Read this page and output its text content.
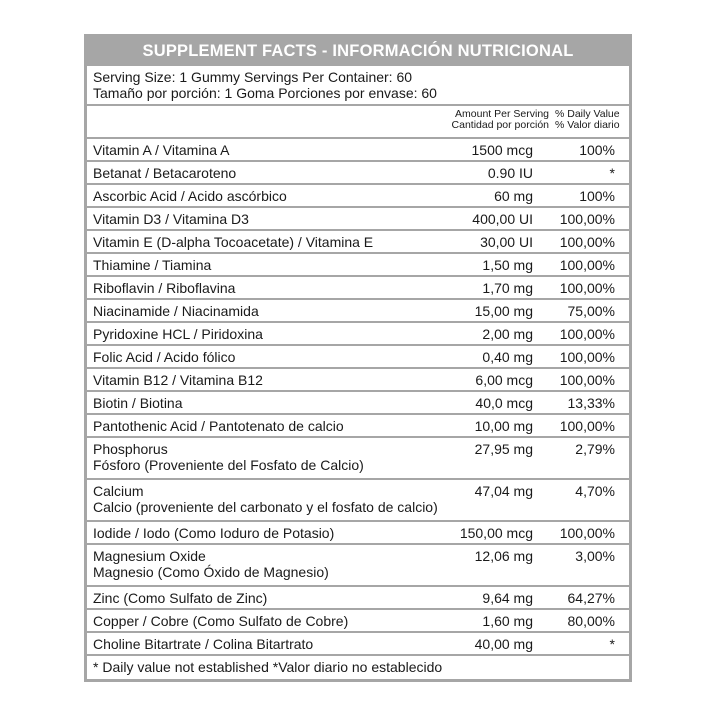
SUPPLEMENT FACTS - INFORMACIÓN NUTRICIONAL
Serving Size: 1 Gummy Servings Per Container: 60
Tamaño por porción: 1 Goma Porciones por envase: 60
Amount Per Serving
Cantidad por porción
% Daily Value
% Valor diario
Vitamin A / Vitamina A	1500 mcg	100%
Betanat / Betacaroteno	0.90 IU	*
Ascorbic Acid / Acido ascórbico	60 mg	100%
Vitamin D3 / Vitamina D3	400,00 UI 100,00%
Vitamin E (D-alpha Tocoacetate) / Vitamina E	30,00 UI 100,00%
Thiamine / Tiamina	1,50 mg 100,00%
Riboflavin / Riboflavina	1,70 mg 100,00%
Niacinamide / Niacinamida	15,00 mg 75,00%
Pyridoxine HCL / Piridoxina	2,00 mg 100,00%
Folic Acid / Acido fólico	0,40 mg 100,00%
Vitamin B12 / Vitamina B12	6,00 mcg 100,00%
Biotin / Biotina	40,0 mcg 13,33%
Pantothenic Acid / Pantotenato de calcio	10,00 mg 100,00%
Phosphorus
Fósforo (Proveniente del Fosfato de Calcio)
27,95 mg	2,79%
Calcium
Calcio (proveniente del carbonato y el fosfato de calcio)
47,04 mg	4,70%
Iodide / Iodo (Como Ioduro de Potasio)	150,00 mcg 100,00%
Magnesium Oxide
Magnesio (Como Óxido de Magnesio)
12,06 mg	3,00%
Zinc (Como Sulfato de Zinc)	9,64 mg 64,27%
Copper / Cobre (Como Sulfato de Cobre)	1,60 mg 80,00%
Choline Bitartrate / Colina Bitartrato	40,00 mg	*
* Daily value not established *Valor diario no establecido
